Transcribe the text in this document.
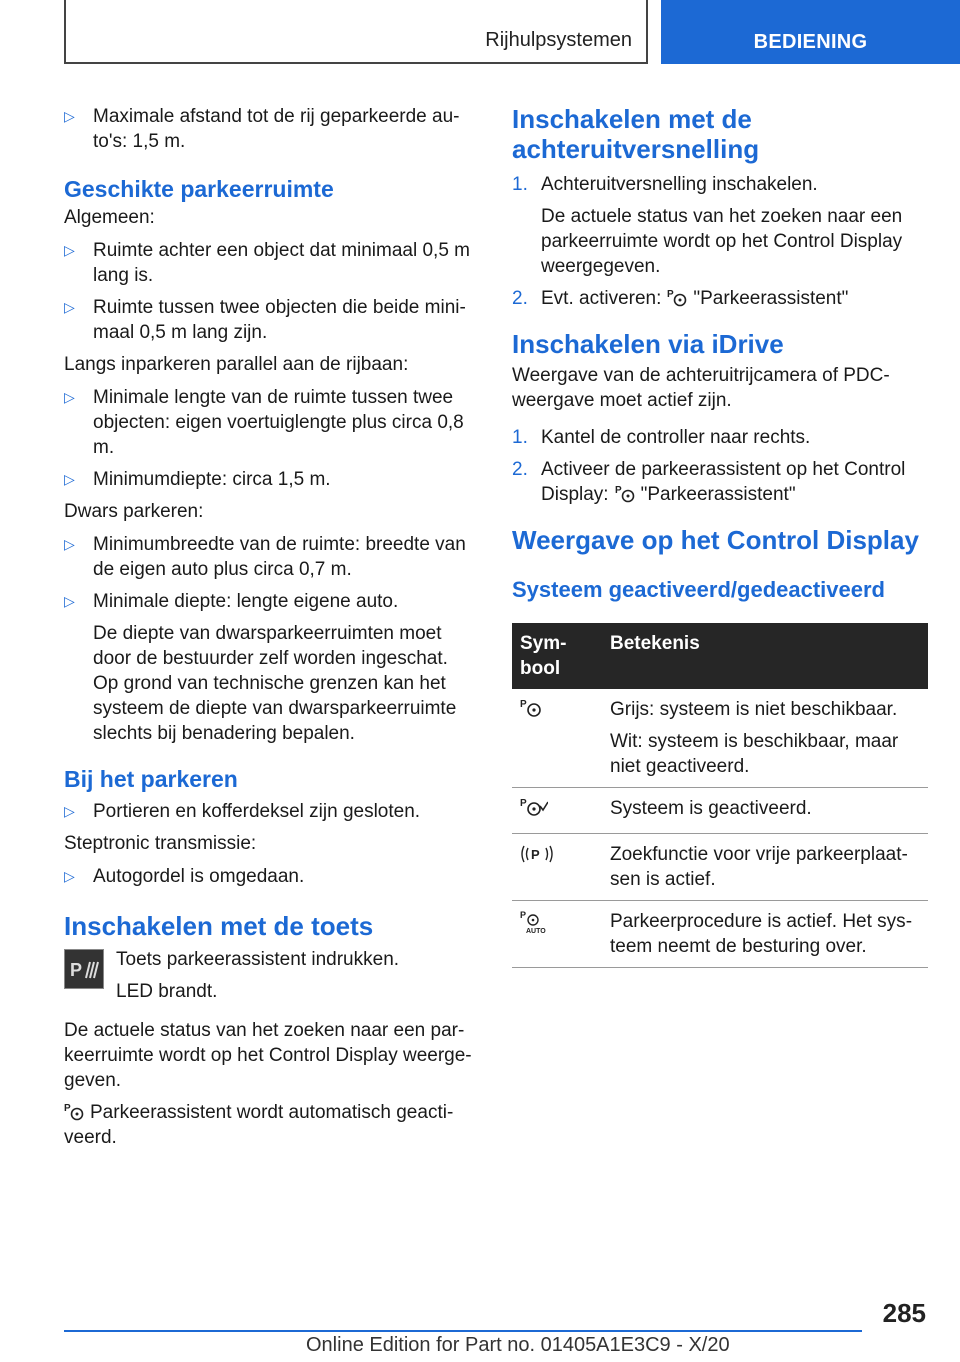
Rijhulpsystemen	BEDIENING
▷ Maximale afstand tot de rij geparkeerde auto's: 1,5 m.
Geschikte parkeerruimte

Algemeen:

▷ Ruimte achter een object dat minimaal 0,5 m lang is.
▷ Ruimte tussen twee objecten die beide minimaal 0,5 m lang zijn.

Langs inparkeren parallel aan de rijbaan:

▷ Minimale lengte van de ruimte tussen twee objecten: eigen voertuiglengte plus circa 0,8 m.
▷ Minimumdiepte: circa 1,5 m.

Dwars parkeren:

▷ Minimumbreedte van de ruimte: breedte van de eigen auto plus circa 0,7 m.
▷ Minimale diepte: lengte eigene auto.
De diepte van dwarsparkeerruimten moet door de bestuurder zelf worden ingeschat. Op grond van technische grenzen kan het systeem de diepte van dwarsparkeerruimte slechts bij benadering bepalen.
Bij het parkeren
▷ Portieren en kofferdeksel zijn gesloten.

Steptronic transmissie:

▷ Autogordel is omgedaan.
Inschakelen met de toets
P Toets parkeerassistent indrukken.

LED brandt.

De actuele status van het zoeken naar een parkeerruimte wordt op het Control Display weergegeven.

P Parkeerassistent wordt automatisch geactiveerd.

Inschakelen met de achteruitversnelling
1. Achteruitversnelling inschakelen.
De actuele status van het zoeken naar een parkeerruimte wordt op het Control Display weergegeven.
2. Evt. activeren: P "Parkeerassistent"
Inschakelen via iDrive

Weergave van de achteruitrijcamera of PDC-weergave moet actief zijn.

1. Kantel de controller naar rechts.
2. Activeer de parkeerassistent op het Control Display: P "Parkeerassistent"
Weergave op het Control Display
Systeem geactiveerd/gedeactiveerd
Symbool	Betekenis

P	Grijs: systeem is niet beschikbaar.

Wit: systeem is beschikbaar, maar niet geactiveerd.

P	Systeem is geactiveerd.

P	Zoekfunctie voor vrije parkeerplaatsen is actief.

P
AUTO	Parkeerprocedure is actief. Het systeem neemt de besturing over.
285
Online Edition for Part no. 01405A1E3C9 - X/20
